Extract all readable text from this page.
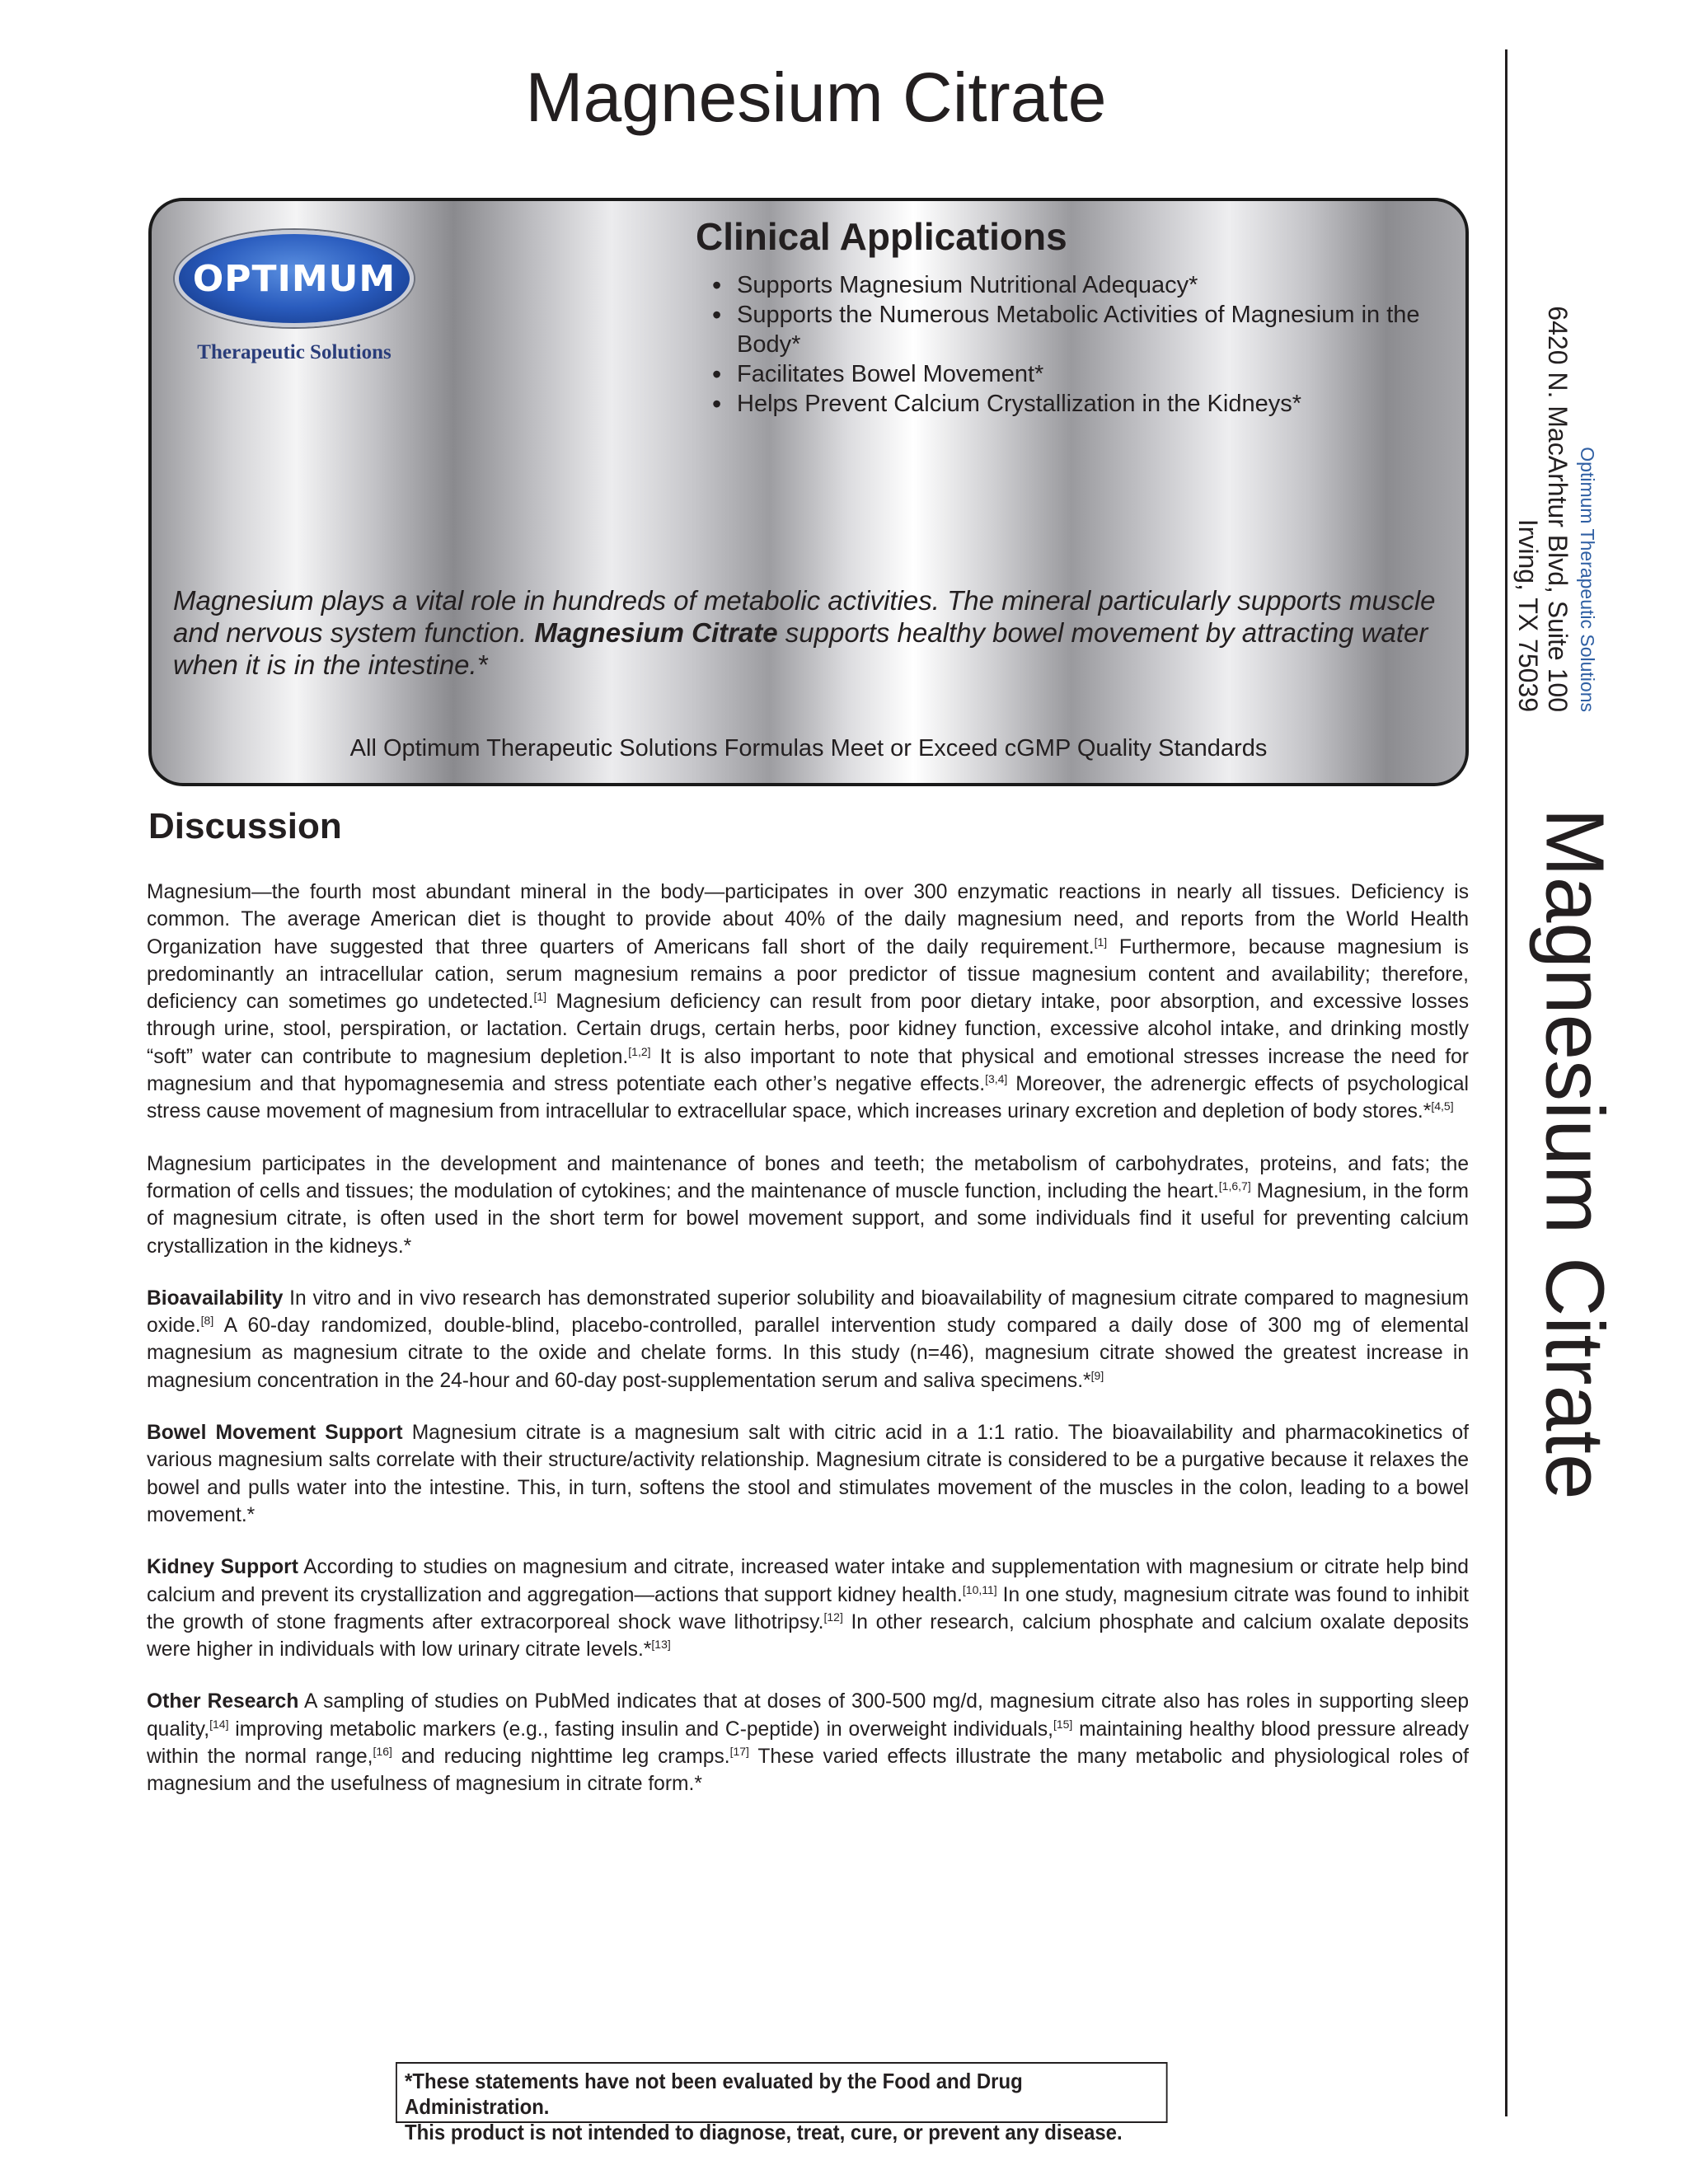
Magnesium Citrate
Optimum Therapeutic Solutions
6420 N. MacArhtur Blvd, Suite 100
Irving, TX 75039
Magnesium Citrate
OPTIMUM
Therapeutic Solutions
Clinical Applications
• Supports Magnesium Nutritional Adequacy*
• Supports the Numerous Metabolic Activities of Magnesium in the Body*
• Facilitates Bowel Movement*
• Helps Prevent Calcium Crystallization in the Kidneys*

Magnesium plays a vital role in hundreds of metabolic activities. The mineral particularly supports muscle and nervous system function. Magnesium Citrate supports healthy bowel movement by attracting water when it is in the intestine.*

All Optimum Therapeutic Solutions Formulas Meet or Exceed cGMP Quality Standards
Discussion

Magnesium—the fourth most abundant mineral in the body—participates in over 300 enzymatic reactions in nearly all tissues. Deficiency is common. The average American diet is thought to provide about 40% of the daily magnesium need, and reports from the World Health Organization have suggested that three quarters of Americans fall short of the daily requirement.[1] Furthermore, because magnesium is predominantly an intracellular cation, serum magnesium remains a poor predictor of tissue magnesium content and availability; therefore, deficiency can sometimes go undetected.[1] Magnesium deficiency can result from poor dietary intake, poor absorption, and excessive losses through urine, stool, perspiration, or lactation. Certain drugs, certain herbs, poor kidney function, excessive alcohol intake, and drinking mostly “soft” water can contribute to magnesium depletion.[1,2] It is also important to note that physical and emotional stresses increase the need for magnesium and that hypomagnesemia and stress potentiate each other’s negative effects.[3,4] Moreover, the adrenergic effects of psychological stress cause movement of magnesium from intracellular to extracellular space, which increases urinary excretion and depletion of body stores.*[4,5]

Magnesium participates in the development and maintenance of bones and teeth; the metabolism of carbohydrates, proteins, and fats; the formation of cells and tissues; the modulation of cytokines; and the maintenance of muscle function, including the heart.[1,6,7] Magnesium, in the form of magnesium citrate, is often used in the short term for bowel movement support, and some individuals find it useful for preventing calcium crystallization in the kidneys.*

Bioavailability In vitro and in vivo research has demonstrated superior solubility and bioavailability of magnesium citrate compared to magnesium oxide.[8] A 60-day randomized, double-blind, placebo-controlled, parallel intervention study compared a daily dose of 300 mg of elemental magnesium as magnesium citrate to the oxide and chelate forms. In this study (n=46), magnesium citrate showed the greatest increase in magnesium concentration in the 24-hour and 60-day post-supplementation serum and saliva specimens.*[9]

Bowel Movement Support Magnesium citrate is a magnesium salt with citric acid in a 1:1 ratio. The bioavailability and pharmacokinetics of various magnesium salts correlate with their structure/activity relationship. Magnesium citrate is considered to be a purgative because it relaxes the bowel and pulls water into the intestine. This, in turn, softens the stool and stimulates movement of the muscles in the colon, leading to a bowel movement.*

Kidney Support According to studies on magnesium and citrate, increased water intake and supplementation with magnesium or citrate help bind calcium and prevent its crystallization and aggregation—actions that support kidney health.[10,11] In one study, magnesium citrate was found to inhibit the growth of stone fragments after extracorporeal shock wave lithotripsy.[12] In other research, calcium phosphate and calcium oxalate deposits were higher in individuals with low urinary citrate levels.*[13]

Other Research A sampling of studies on PubMed indicates that at doses of 300-500 mg/d, magnesium citrate also has roles in supporting sleep quality,[14] improving metabolic markers (e.g., fasting insulin and C-peptide) in overweight individuals,[15] maintaining healthy blood pressure already within the normal range,[16] and reducing nighttime leg cramps.[17] These varied effects illustrate the many metabolic and physiological roles of magnesium and the usefulness of magnesium in citrate form.*

*These statements have not been evaluated by the Food and Drug Administration.
This product is not intended to diagnose, treat, cure, or prevent any disease.
